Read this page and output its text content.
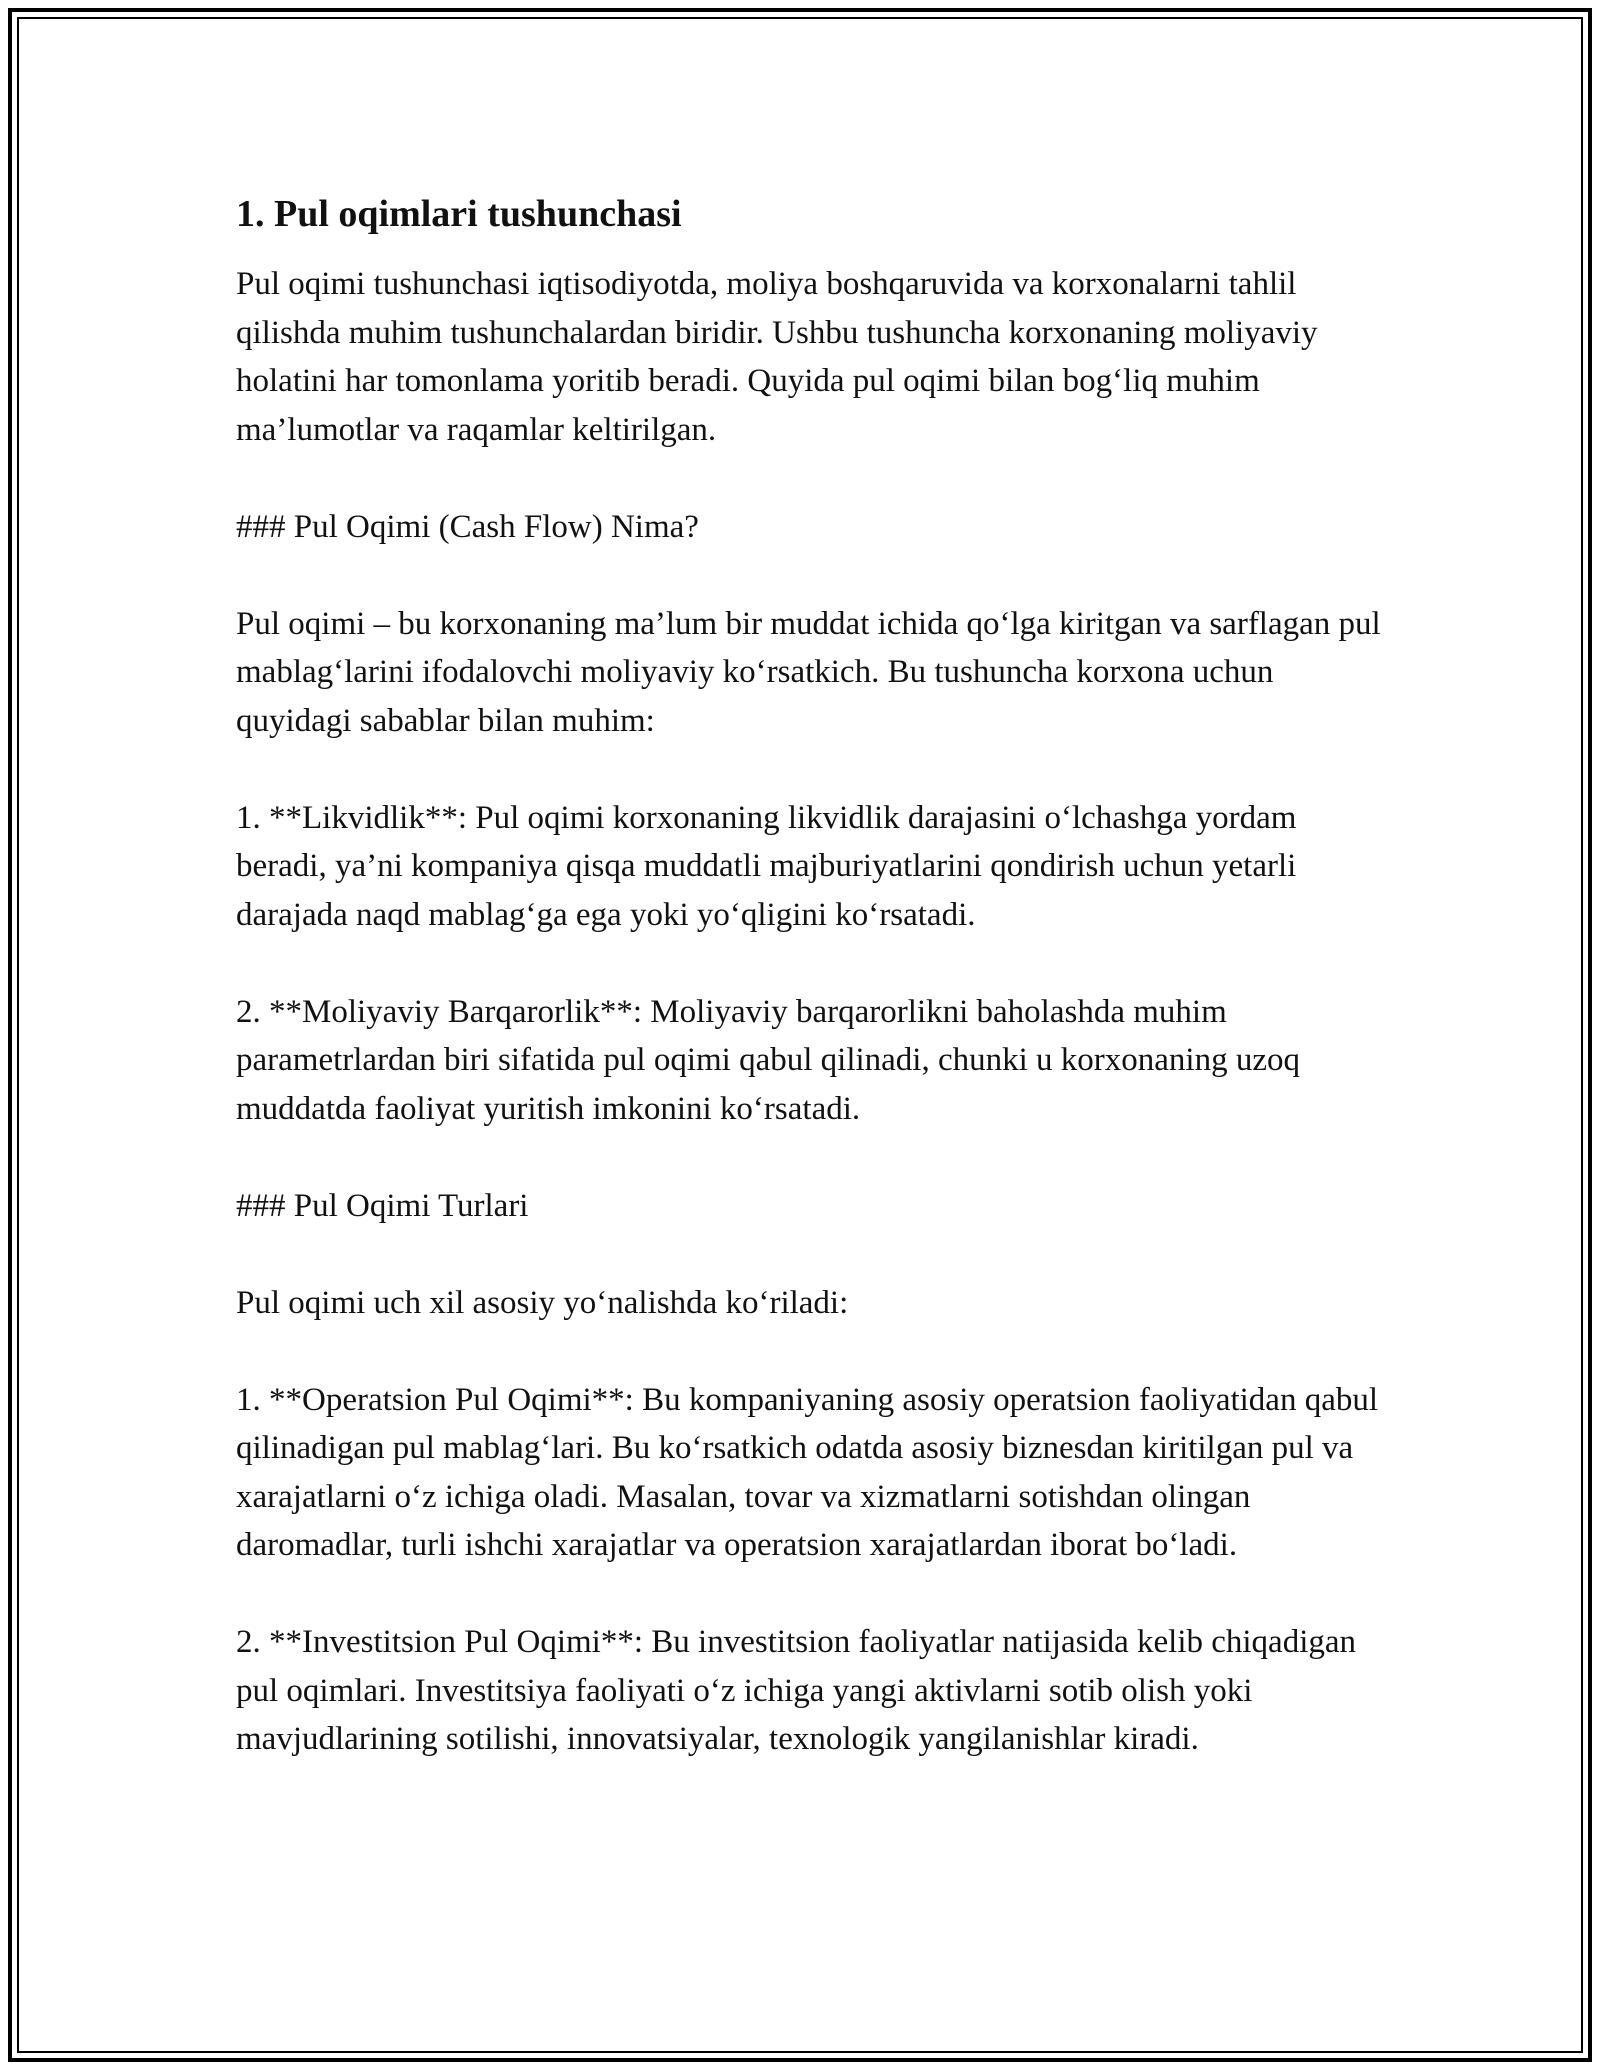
1. Pul oqimlari tushunchasi
Pul oqimi tushunchasi iqtisodiyotda, moliya boshqaruvida va korxonalarni tahlil qilishda muhim tushunchalardan biridir. Ushbu tushuncha korxonaning moliyaviy holatini har tomonlama yoritib beradi. Quyida pul oqimi bilan bog‘liq muhim ma’lumotlar va raqamlar keltirilgan.
### Pul Oqimi (Cash Flow) Nima?
Pul oqimi – bu korxonaning ma’lum bir muddat ichida qo‘lga kiritgan va sarflagan pul mablag‘larini ifodalovchi moliyaviy ko‘rsatkich. Bu tushuncha korxona uchun quyidagi sabablar bilan muhim:
1. **Likvidlik**: Pul oqimi korxonaning likvidlik darajasini o‘lchashga yordam beradi, ya’ni kompaniya qisqa muddatli majburiyatlarini qondirish uchun yetarli darajada naqd mablag‘ga ega yoki yo‘qligini ko‘rsatadi.
2. **Moliyaviy Barqarorlik**: Moliyaviy barqarorlikni baholashda muhim parametrlardan biri sifatida pul oqimi qabul qilinadi, chunki u korxonaning uzoq muddatda faoliyat yuritish imkonini ko‘rsatadi.
### Pul Oqimi Turlari
Pul oqimi uch xil asosiy yo‘nalishda ko‘riladi:
1. **Operatsion Pul Oqimi**: Bu kompaniyaning asosiy operatsion faoliyatidan qabul qilinadigan pul mablag‘lari. Bu ko‘rsatkich odatda asosiy biznesdan kiritilgan pul va xarajatlarni o‘z ichiga oladi. Masalan, tovar va xizmatlarni sotishdan olingan daromadlar, turli ishchi xarajatlar va operatsion xarajatlardan iborat bo‘ladi.
2. **Investitsion Pul Oqimi**: Bu investitsion faoliyatlar natijasida kelib chiqadigan pul oqimlari. Investitsiya faoliyati o‘z ichiga yangi aktivlarni sotib olish yoki mavjudlarining sotilishi, innovatsiyalar, texnologik yangilanishlar kiradi.
